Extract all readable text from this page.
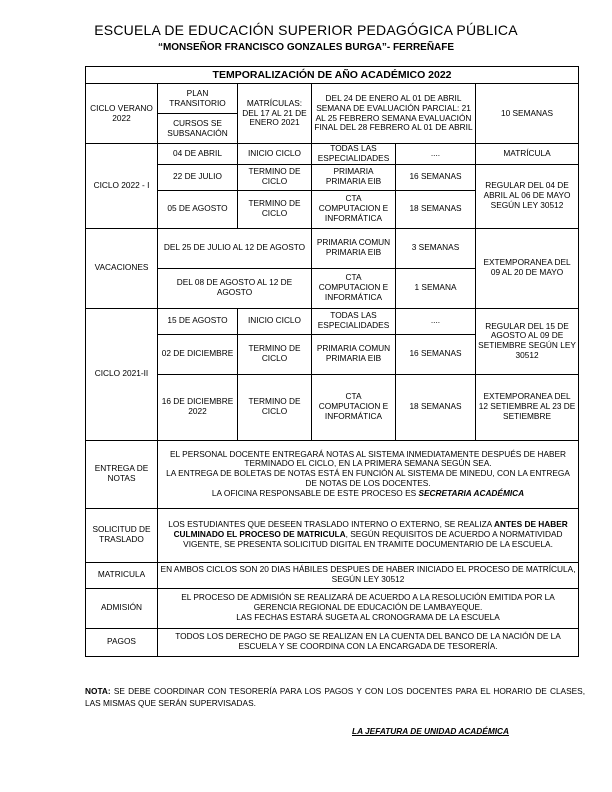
ESCUELA DE EDUCACIÓN SUPERIOR PEDAGÓGICA PÚBLICA
“MONSEÑOR FRANCISCO GONZALES BURGA”- FERREÑAFE
TEMPORALIZACIÓN DE AÑO ACADÉMICO 2022					
CICLO VERANO 2022	PLAN TRANSITORIO	MATRÍCULAS: DEL 17 AL 21 DE ENERO 2021	DEL 24 DE ENERO AL 01 DE ABRIL SEMANA DE EVALUACIÓN PARCIAL: 21 AL 25 FEBRERO SEMANA EVALUACIÓN FINAL DEL 28 FEBRERO AL 01 DE ABRIL		10 SEMANAS
	CURSOS SE SUBSANACIÓN				
CICLO 2022 - I	04 DE ABRIL	INICIO CICLO	TODAS LAS ESPECIALIDADES	....	MATRÍCULA
	22 DE JULIO	TERMINO DE CICLO	PRIMARIA PRIMARIA EIB	16 SEMANAS	REGULAR DEL 04 DE ABRIL AL 06 DE MAYO SEGÚN LEY 30512
	05 DE AGOSTO	TERMINO DE CICLO	CTA COMPUTACION E INFORMÁTICA	18 SEMANAS	
VACACIONES	DEL 25 DE JULIO AL 12 DE AGOSTO		PRIMARIA COMUN PRIMARIA EIB	3 SEMANAS	EXTEMPORANEA DEL 09 AL 20 DE MAYO
	DEL 08 DE AGOSTO AL 12 DE AGOSTO		CTA COMPUTACION E INFORMÁTICA	1 SEMANA	
CICLO 2021-II	15 DE AGOSTO	INICIO CICLO	TODAS LAS ESPECIALIDADES	....	REGULAR DEL 15 DE AGOSTO AL 09 DE SETIEMBRE SEGÚN LEY 30512
	02 DE DICIEMBRE	TERMINO DE CICLO	PRIMARIA COMUN PRIMARIA EIB	16 SEMANAS	
	16 DE DICIEMBRE 2022	TERMINO DE CICLO	CTA COMPUTACION E INFORMÁTICA	18 SEMANAS	EXTEMPORANEA DEL 12 SETIEMBRE AL 23 DE SETIEMBRE
ENTREGA DE NOTAS	EL PERSONAL DOCENTE ENTREGARÁ NOTAS AL SISTEMA INMEDIATAMENTE DESPUÉS DE HABER TERMINADO EL CICLO, EN LA PRIMERA SEMANA SEGÚN SEA.
LA ENTREGA DE BOLETAS DE NOTAS ESTÁ EN FUNCIÓN AL SISTEMA DE MINEDU, CON LA ENTREGA DE NOTAS DE LOS DOCENTES.
LA OFICINA RESPONSABLE DE ESTE PROCESO ES SECRETARIA ACADÉMICA				

SOLICITUD DE TRASLADO	LOS ESTUDIANTES QUE DESEEN TRASLADO INTERNO O EXTERNO, SE REALIZA ANTES DE HABER CULMINADO EL PROCESO DE MATRICULA, SEGÚN REQUISITOS DE ACUERDO A NORMATIVIDAD VIGENTE, SE PRESENTA SOLICITUD DIGITAL EN TRAMITE DOCUMENTARIO DE LA ESCUELA.				
MATRICULA	EN AMBOS CICLOS SON 20 DIAS HÁBILES DESPUES DE HABER INICIADO EL PROCESO DE MATRÍCULA, SEGÚN LEY 30512				
ADMISIÓN	EL PROCESO DE ADMISIÓN SE REALIZARÁ DE ACUERDO A LA RESOLUCIÓN EMITIDA POR LA GERENCIA REGIONAL DE EDUCACIÓN DE LAMBAYEQUE.
LAS FECHAS ESTARÁ SUGETA AL CRONOGRAMA DE LA ESCUELA				

PAGOS	TODOS LOS DERECHO DE PAGO SE REALIZAN EN LA CUENTA DEL BANCO DE LA NACIÓN DE LA ESCUELA Y SE COORDINA CON LA ENCARGADA DE TESORERÍA.				
NOTA: SE DEBE COORDINAR CON TESORERÍA PARA LOS PAGOS Y CON LOS DOCENTES PARA EL HORARIO DE CLASES, LAS MISMAS QUE SERÁN SUPERVISADAS.
LA JEFATURA DE UNIDAD ACADÉMICA
